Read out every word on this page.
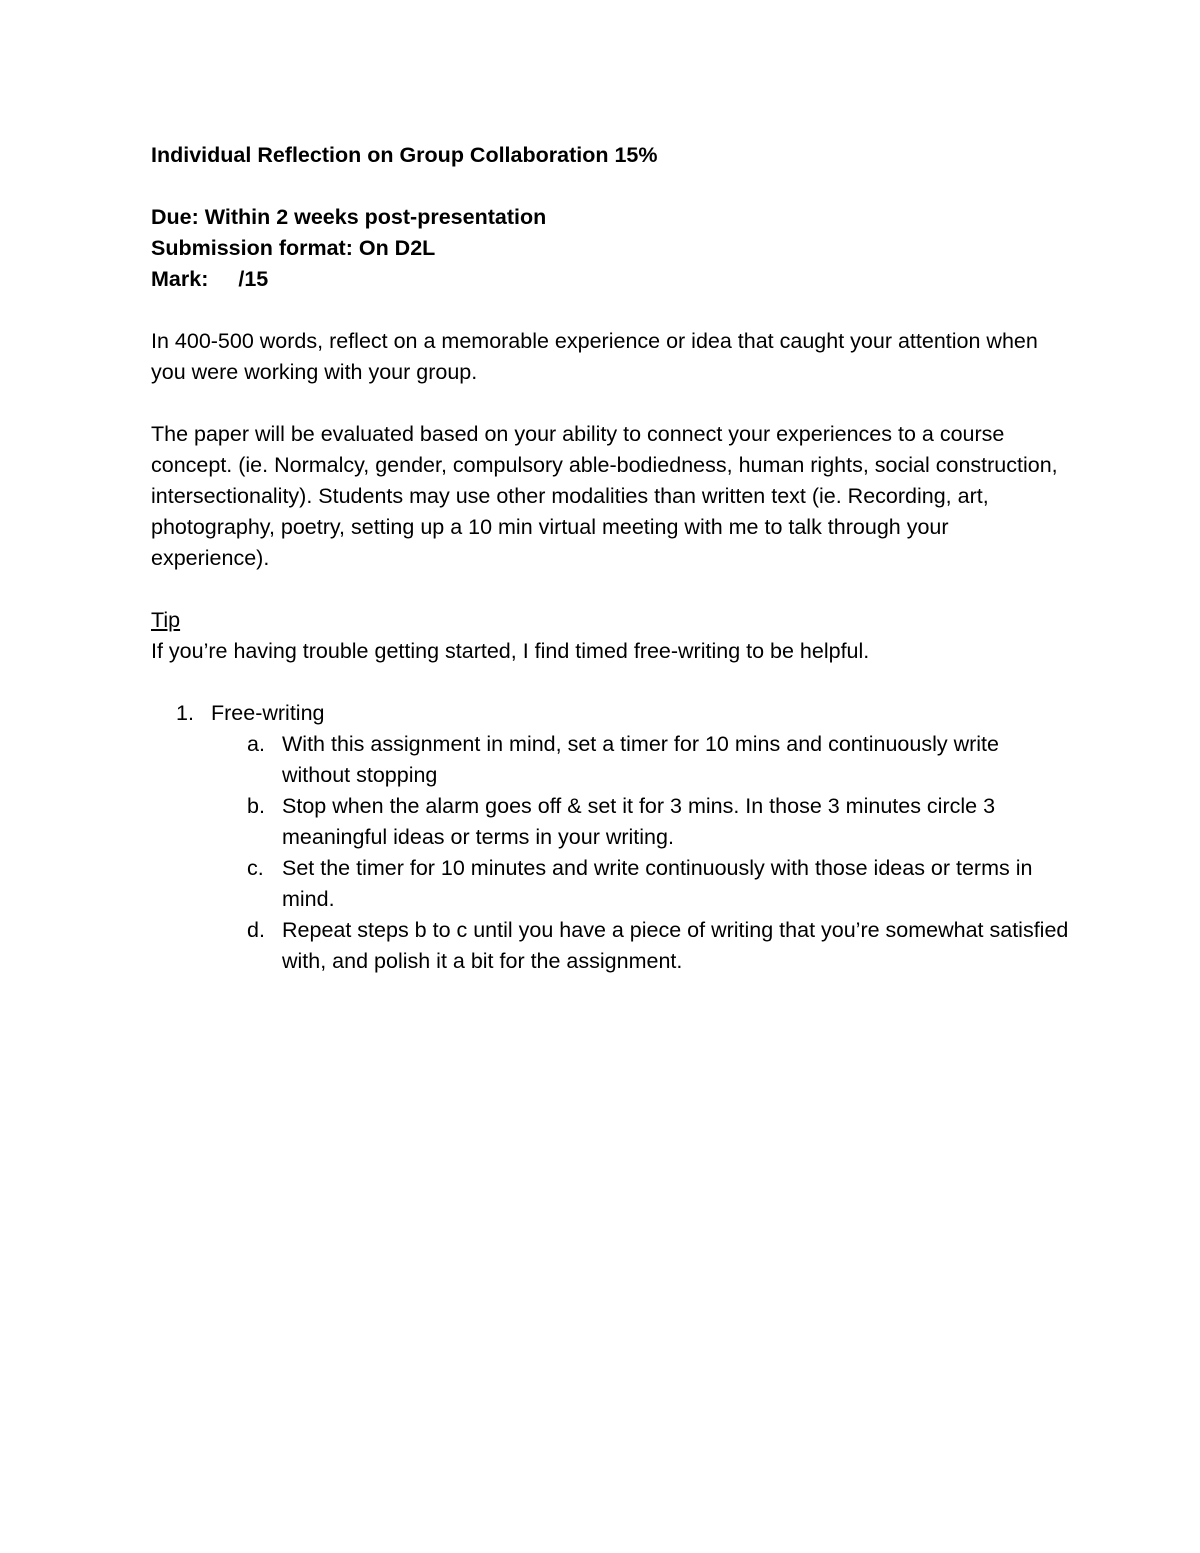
Individual Reflection on Group Collaboration 15%
Due: Within 2 weeks post-presentation
Submission format: On D2L
Mark: /15

In 400-500 words, reflect on a memorable experience or idea that caught your attention when you were working with your group.

The paper will be evaluated based on your ability to connect your experiences to a course concept. (ie. Normalcy, gender, compulsory able-bodiedness, human rights, social construction, intersectionality). Students may use other modalities than written text (ie. Recording, art, photography, poetry, setting up a 10 min virtual meeting with me to talk through your experience).

Tip

If you’re having trouble getting started, I find timed free-writing to be helpful.

1. Free-writing
a. With this assignment in mind, set a timer for 10 mins and continuously write without stopping
b. Stop when the alarm goes off & set it for 3 mins. In those 3 minutes circle 3 meaningful ideas or terms in your writing.
c. Set the timer for 10 minutes and write continuously with those ideas or terms in mind.
d. Repeat steps b to c until you have a piece of writing that you’re somewhat satisfied with, and polish it a bit for the assignment.
